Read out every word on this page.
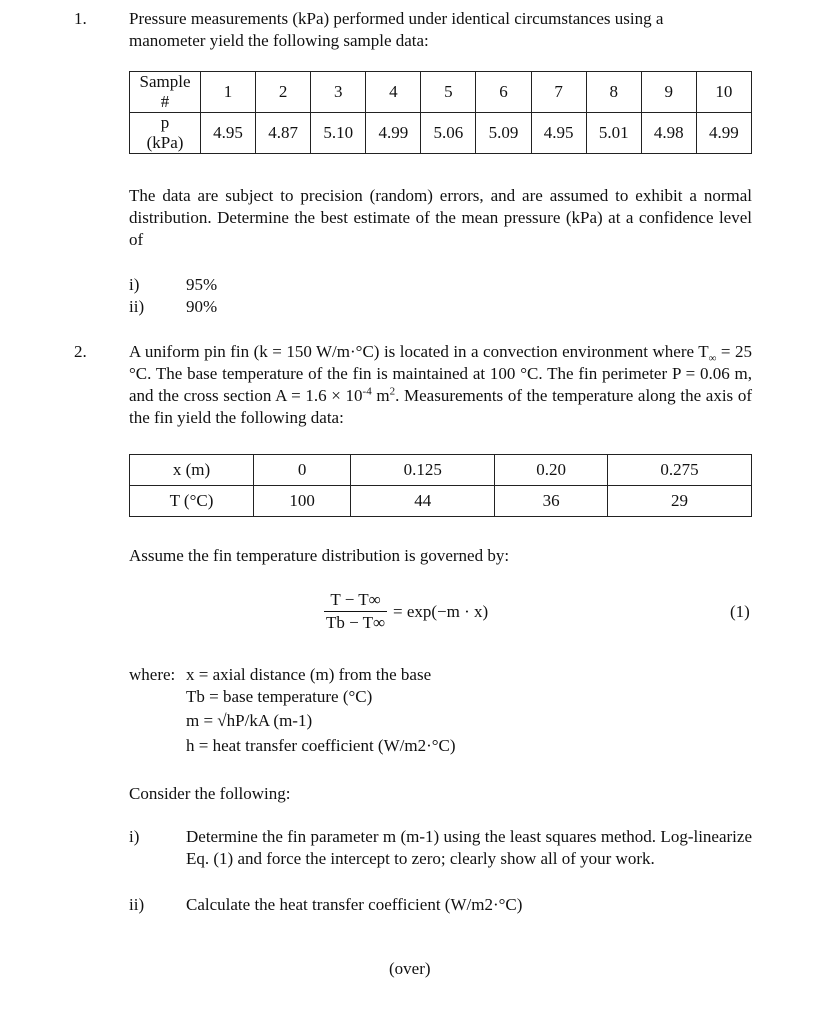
1. Pressure measurements (kPa) performed under identical circumstances using a
manometer yield the following sample data:
Sample
#	1	2	3	4	5	6	7	8	9	10

p
(kPa)	4.95	4.87	5.10	4.99	5.06	5.09	4.95	5.01	4.98	4.99
The data are subject to precision (random) errors, and are assumed to exhibit a normal distribution. Determine the best estimate of the mean pressure (kPa) at a confidence level of
i)	95%
ii) 90%
2. A uniform pin fin (k = 150 W/m·°C) is located in a convection environment where $T_\infty = 25$ °C. The base temperature of the fin is maintained at 100 °C. The fin perimeter P = 0.06 m, and the cross section $A = 1.6 \times 10^{-4}$ $m^2$. Measurements of the temperature along the axis of the fin yield the following data:
x (m)	0	0.125	0.20	0.275
T (°C)	100	44	36	29
Assume the fin temperature distribution is governed by:
$\frac{T - T\infty}{Tb - T\infty} = \exp(-m \cdot x)$	(1)
where: x = axial distance (m) from the base
Tb = base temperature (°C)
m = √hP/kA (m-1)
h = heat transfer coefficient (W/m2·°C)
Consider the following:
i)	Determine the fin parameter m (m-1) using the least squares method. Log-linearize Eq. (1) and force the intercept to zero; clearly show all of your work.
ii) Calculate the heat transfer coefficient (W/m2·°C)
(over)
